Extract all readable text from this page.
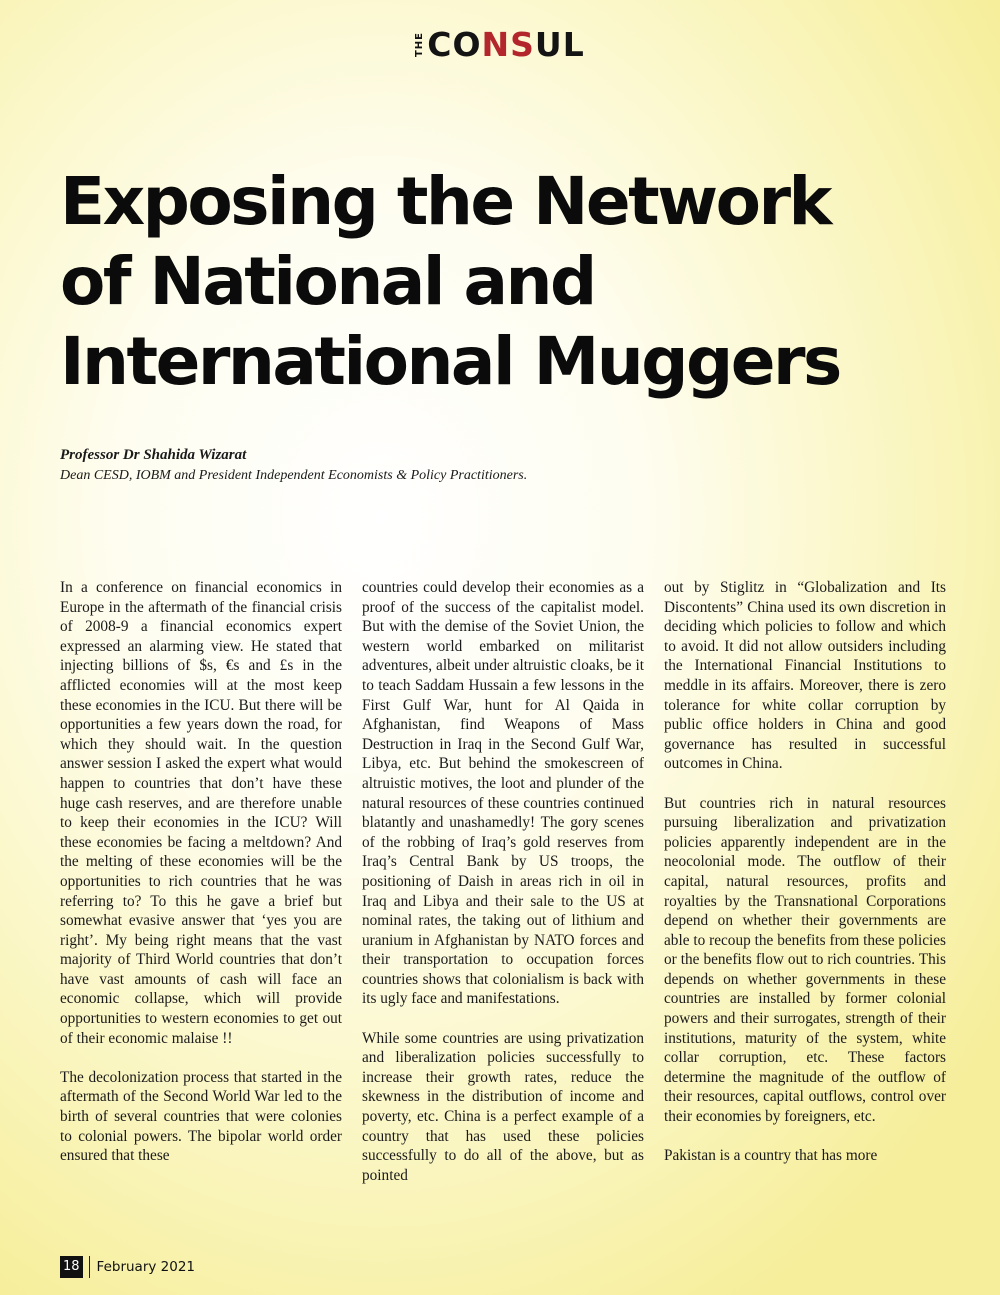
THE CONSUL
Exposing the Network
of National and
International Muggers

Professor Dr Shahida Wizarat

Dean CESD, IOBM and President Independent Economists & Policy Practitioners.

In a conference on financial economics in Europe in the aftermath of the financial crisis of 2008-9 a financial economics expert expressed an alarming view. He stated that injecting billions of $s, €s and £s in the afflicted economies will at the most keep these economies in the ICU. But there will be opportunities a few years down the road, for which they should wait. In the question answer session I asked the expert what would happen to countries that don’t have these huge cash reserves, and are therefore unable to keep their economies in the ICU? Will these economies be facing a meltdown? And the melting of these economies will be the opportunities to rich countries that he was referring to? To this he gave a brief but somewhat evasive answer that ‘yes you are right’. My being right means that the vast majority of Third World countries that don’t have vast amounts of cash will face an economic collapse, which will provide opportunities to western economies to get out of their economic malaise !!

The decolonization process that started in the aftermath of the Second World War led to the birth of several countries that were colonies to colonial powers. The bipolar world order ensured that these

countries could develop their economies as a proof of the success of the capitalist model. But with the demise of the Soviet Union, the western world embarked on militarist adventures, albeit under altruistic cloaks, be it to teach Saddam Hussain a few lessons in the First Gulf War, hunt for Al Qaida in Afghanistan, find Weapons of Mass Destruction in Iraq in the Second Gulf War, Libya, etc. But behind the smokescreen of altruistic motives, the loot and plunder of the natural resources of these countries continued blatantly and unashamedly! The gory scenes of the robbing of Iraq’s gold reserves from Iraq’s Central Bank by US troops, the positioning of Daish in areas rich in oil in Iraq and Libya and their sale to the US at nominal rates, the taking out of lithium and uranium in Afghanistan by NATO forces and their transportation to occupation forces countries shows that colonialism is back with its ugly face and manifestations.

While some countries are using privatization and liberalization policies successfully to increase their growth rates, reduce the skewness in the distribution of income and poverty, etc. China is a perfect example of a country that has used these policies successfully to do all of the above, but as pointed

out by Stiglitz in “Globalization and Its Discontents” China used its own discretion in deciding which policies to follow and which to avoid. It did not allow outsiders including the International Financial Institutions to meddle in its affairs. Moreover, there is zero tolerance for white collar corruption by public office holders in China and good governance has resulted in successful outcomes in China.

But countries rich in natural resources pursuing liberalization and privatization policies apparently independent are in the neocolonial mode. The outflow of their capital, natural resources, profits and royalties by the Transnational Corporations depend on whether their governments are able to recoup the benefits from these policies or the benefits flow out to rich countries. This depends on whether governments in these countries are installed by former colonial powers and their surrogates, strength of their institutions, maturity of the system, white collar corruption, etc. These factors determine the magnitude of the outflow of their resources, capital outflows, control over their economies by foreigners, etc.

Pakistan is a country that has more

18 February 2021
